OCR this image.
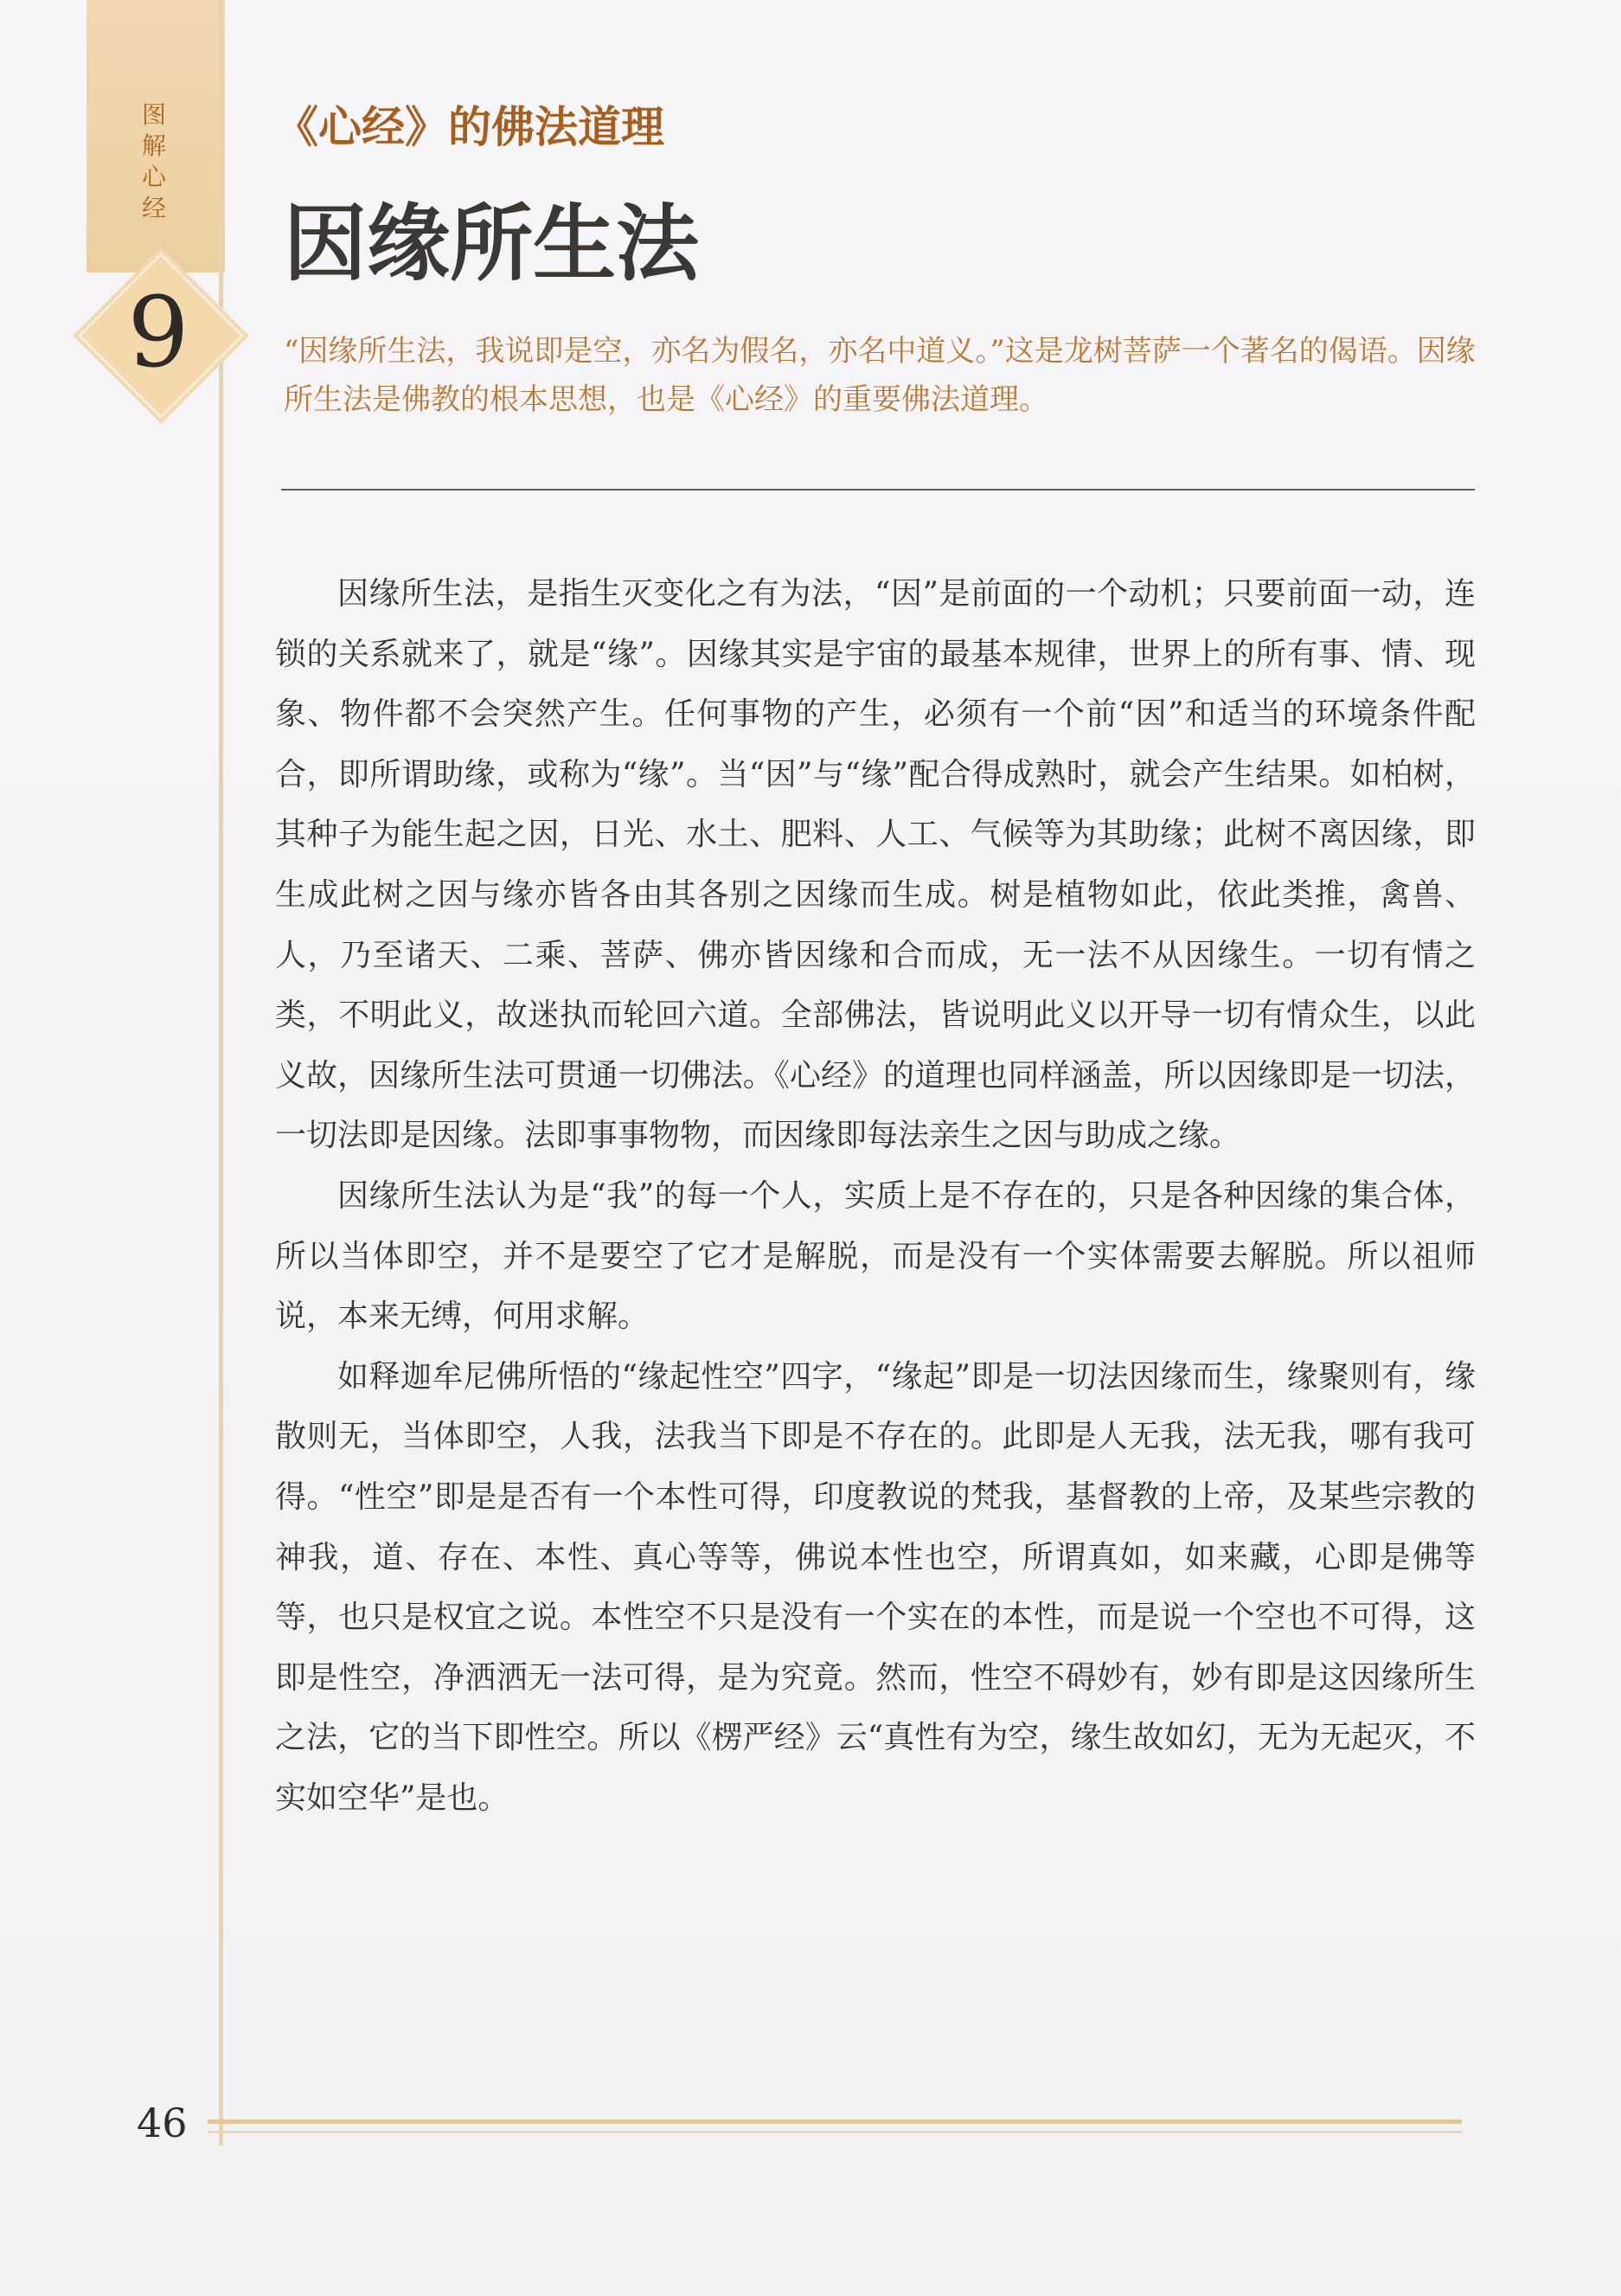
图解心经
9
《心经》的佛法道理
因缘所生法
“因缘所生法，我说即是空，亦名为假名，亦名中道义。”这是龙树菩萨一个著名的偈语。因缘所生法是佛教的根本思想，也是《心经》的重要佛法道理。

因缘所生法，是指生灭变化之有为法，“因”是前面的一个动机；只要前面一动，连锁的关系就来了，就是“缘”。因缘其实是宇宙的最基本规律，世界上的所有事、情、现象、物件都不会突然产生。任何事物的产生，必须有一个前“因”和适当的环境条件配合，即所谓助缘，或称为“缘”。当“因”与“缘”配合得成熟时，就会产生结果。如柏树，其种子为能生起之因，日光、水土、肥料、人工、气候等为其助缘；此树不离因缘，即生成此树之因与缘亦皆各由其各别之因缘而生成。树是植物如此，依此类推，禽兽、人，乃至诸天、二乘、菩萨、佛亦皆因缘和合而成，无一法不从因缘生。一切有情之类，不明此义，故迷执而轮回六道。全部佛法，皆说明此义以开导一切有情众生，以此义故，因缘所生法可贯通一切佛法。《心经》的道理也同样涵盖，所以因缘即是一切法，一切法即是因缘。法即事事物物，而因缘即每法亲生之因与助成之缘。

因缘所生法认为是“我”的每一个人，实质上是不存在的，只是各种因缘的集合体，所以当体即空，并不是要空了它才是解脱，而是没有一个实体需要去解脱。所以祖师说，本来无缚，何用求解。

如释迦牟尼佛所悟的“缘起性空”四字，“缘起”即是一切法因缘而生，缘聚则有，缘散则无，当体即空，人我，法我当下即是不存在的。此即是人无我，法无我，哪有我可得。“性空”即是是否有一个本性可得，印度教说的梵我，基督教的上帝，及某些宗教的神我，道、存在、本性、真心等等，佛说本性也空，所谓真如，如来藏，心即是佛等等，也只是权宜之说。本性空不只是没有一个实在的本性，而是说一个空也不可得，这即是性空，净洒洒无一法可得，是为究竟。然而，性空不碍妙有，妙有即是这因缘所生之法，它的当下即性空。所以《楞严经》云“真性有为空，缘生故如幻，无为无起灭，不实如空华”是也。

46
